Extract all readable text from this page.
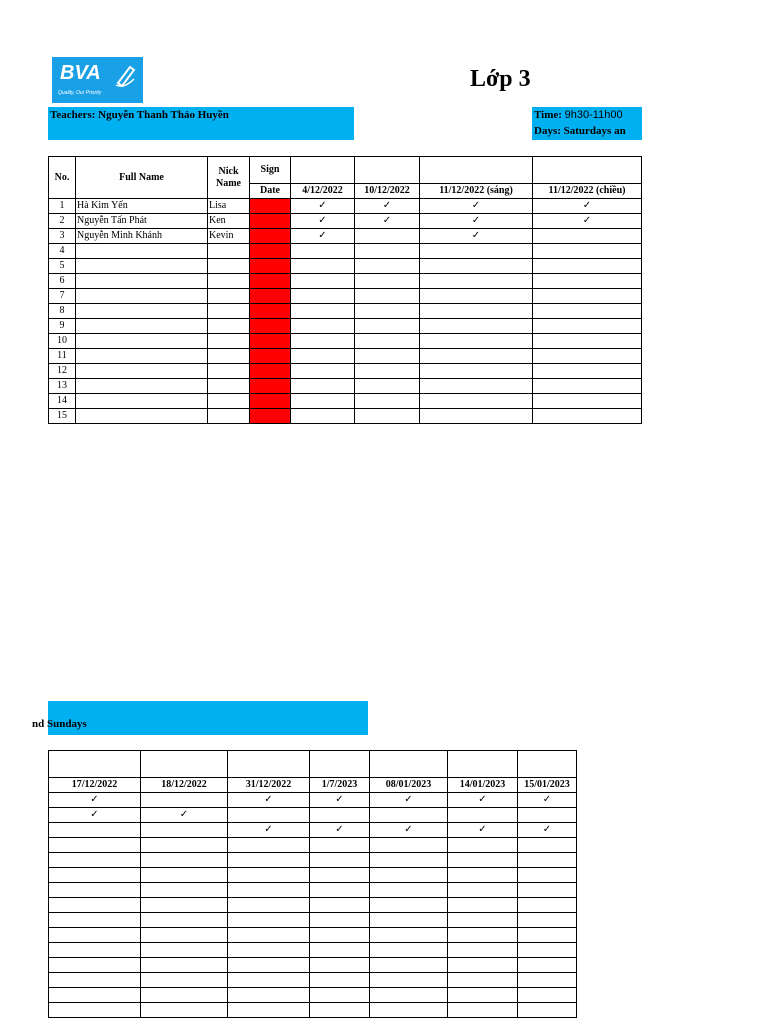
BVA
Quality, Our Priority
Lớp 3
Teachers: Nguyễn Thanh Thảo Huyền	Time: 9h30-11h00
Days: Saturdays an
No.	Full Name	Nick Name	Sign				
			Date	4/12/2022	10/12/2022	11/12/2022 (sáng)	11/12/2022 (chiều)
1	Hà Kim Yến	Lisa		✓	✓	✓	✓
2	Nguyễn Tấn Phát	Ken		✓	✓	✓	✓
3	Nguyễn Minh Khánh	Kevin		✓		✓	
4							
5							
6							
7							
8							
9							
10							
11							
12							
13							
14							
15							
nd Sundays

17/12/2022	18/12/2022	31/12/2022	1/7/2023	08/01/2023	14/01/2023	15/01/2023
✓		✓	✓	✓	✓	✓
✓	✓					
		✓	✓	✓	✓	✓
